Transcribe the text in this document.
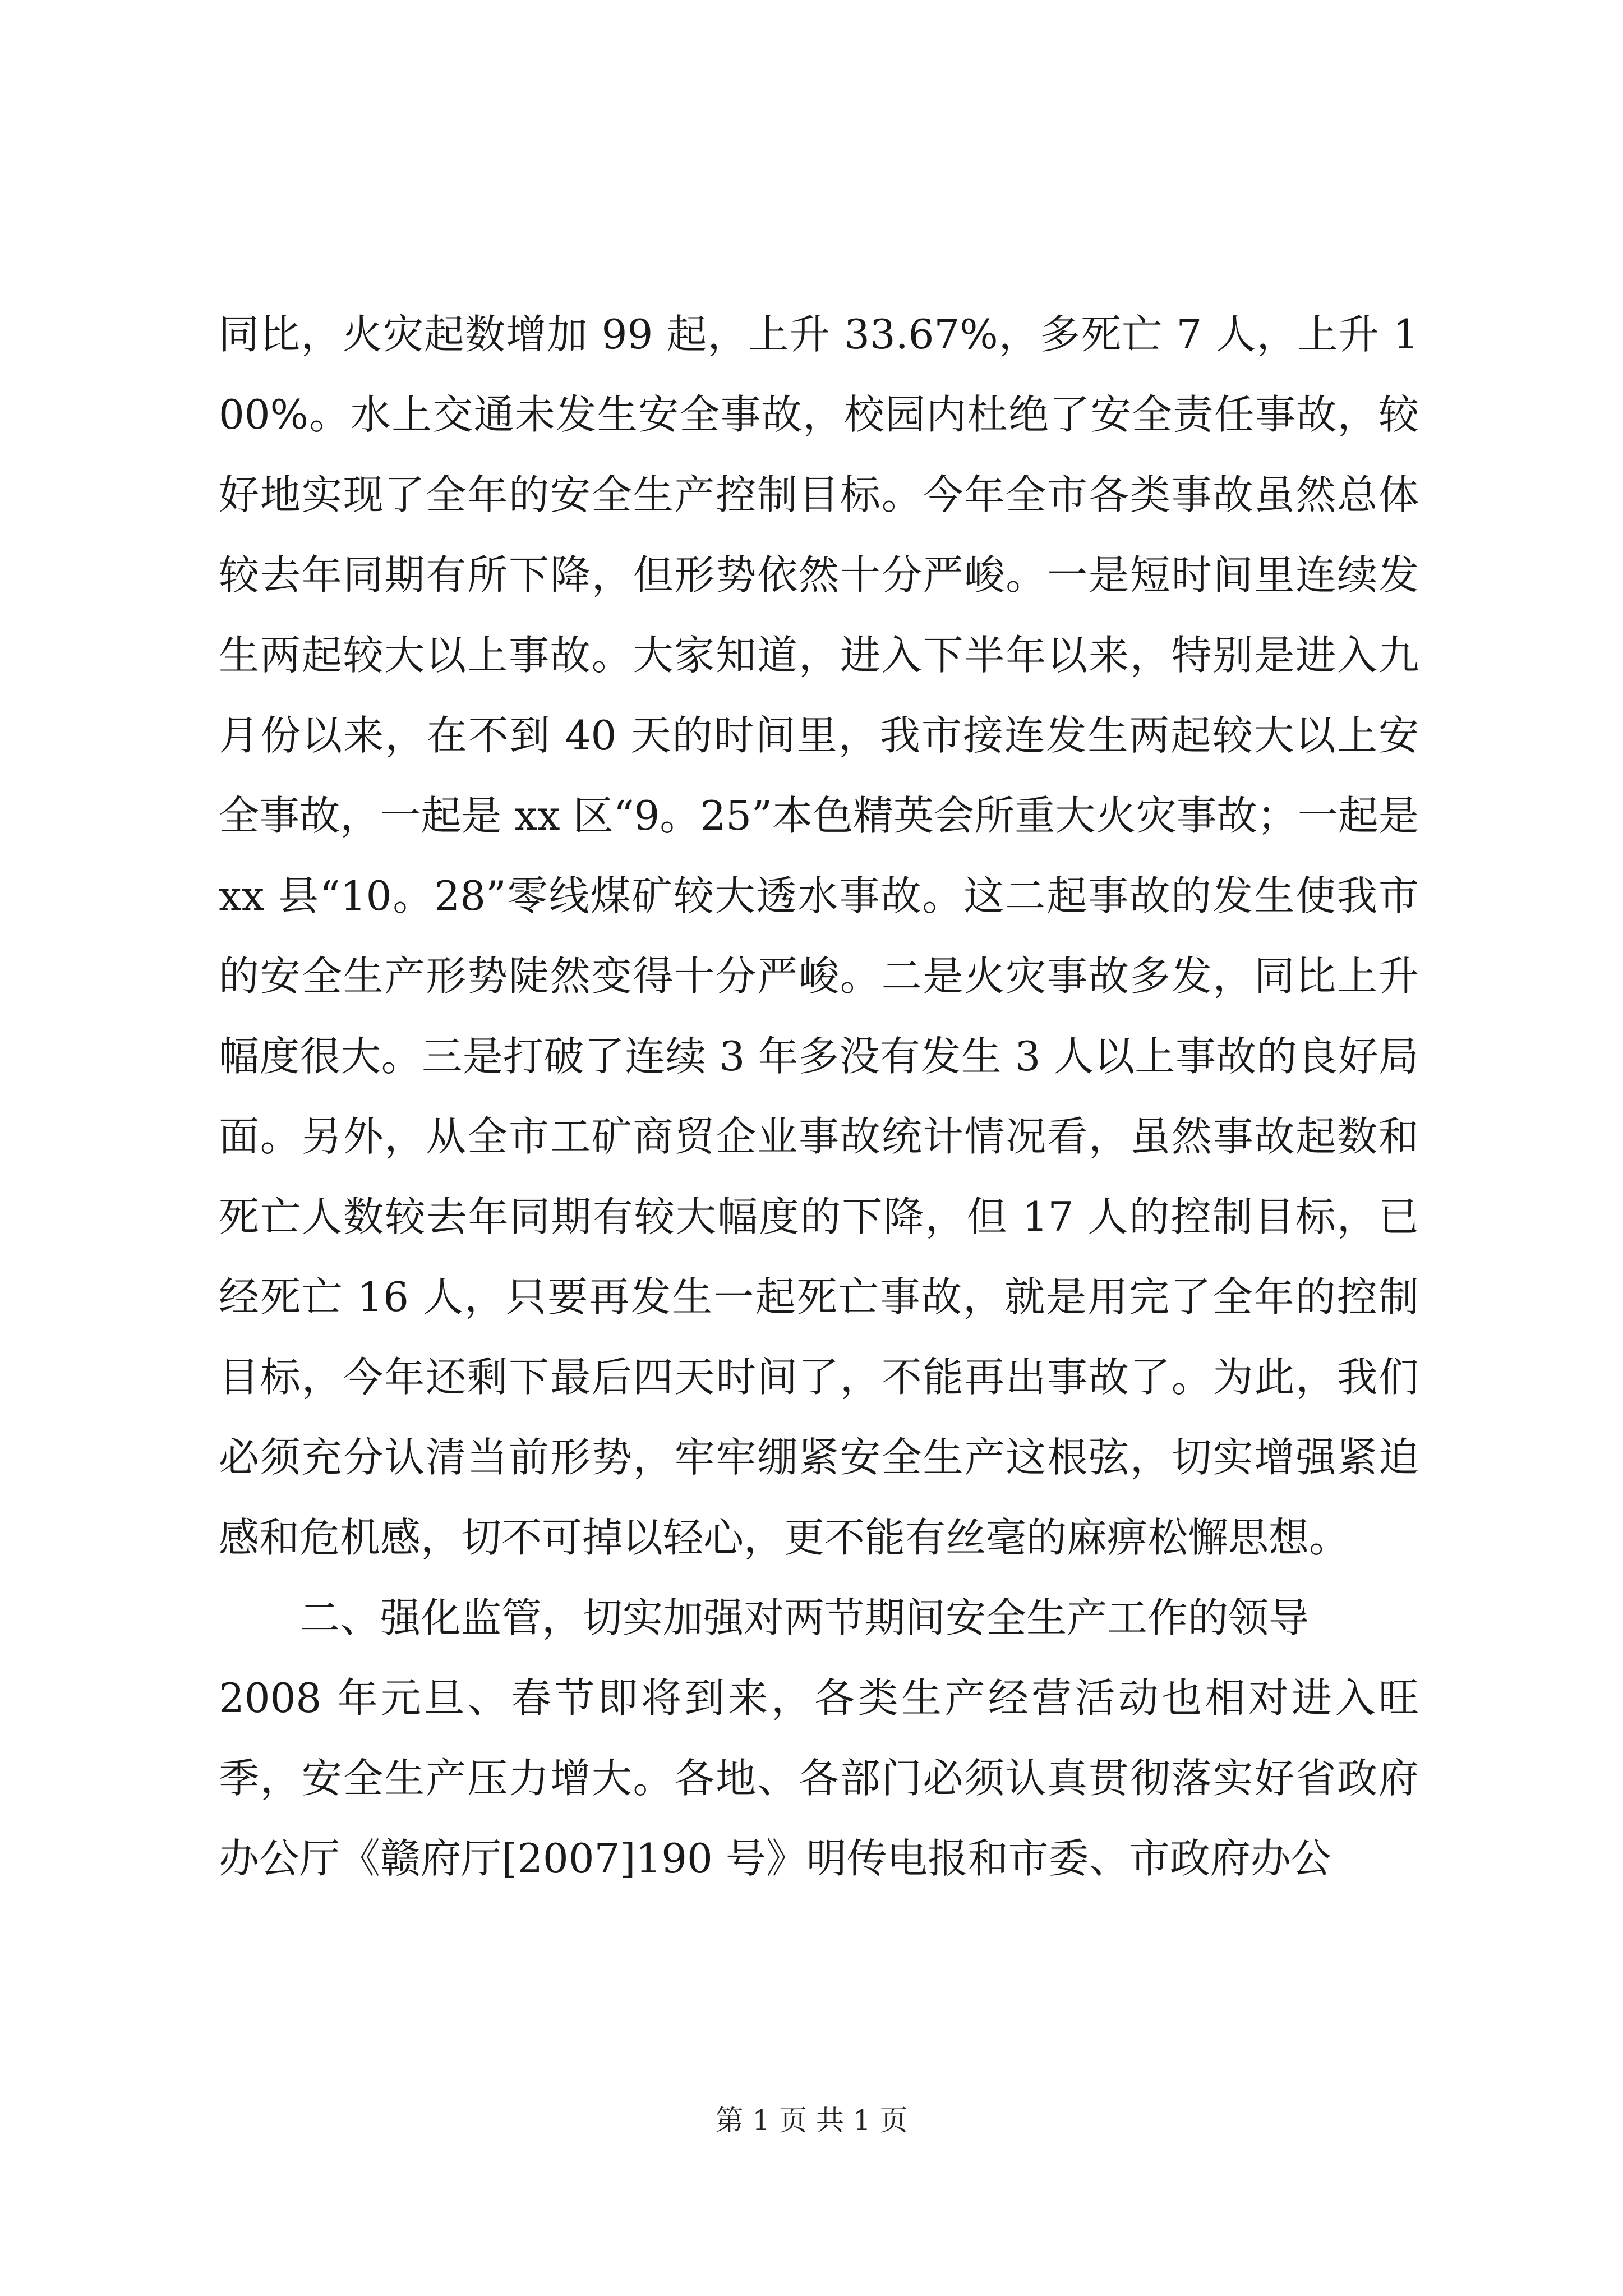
同比，火灾起数增加 99 起，上升 33.67%，多死亡 7 人，上升 100%。水上交通未发生安全事故，校园内杜绝了安全责任事故，较好地实现了全年的安全生产控制目标。今年全市各类事故虽然总体较去年同期有所下降，但形势依然十分严峻。一是短时间里连续发生两起较大以上事故。大家知道，进入下半年以来，特别是进入九月份以来，在不到 40 天的时间里，我市接连发生两起较大以上安全事故，一起是 xx 区“9。25”本色精英会所重大火灾事故；一起是 xx 县“10。28”零线煤矿较大透水事故。这二起事故的发生使我市的安全生产形势陡然变得十分严峻。二是火灾事故多发，同比上升幅度很大。三是打破了连续 3 年多没有发生 3 人以上事故的良好局面。另外，从全市工矿商贸企业事故统计情况看，虽然事故起数和死亡人数较去年同期有较大幅度的下降，但 17 人的控制目标，已经死亡 16 人，只要再发生一起死亡事故，就是用完了全年的控制目标，今年还剩下最后四天时间了，不能再出事故了。为此，我们必须充分认清当前形势，牢牢绷紧安全生产这根弦，切实增强紧迫感和危机感，切不可掉以轻心，更不能有丝毫的麻痹松懈思想。

二、强化监管，切实加强对两节期间安全生产工作的领导

2008 年元旦、春节即将到来，各类生产经营活动也相对进入旺季，安全生产压力增大。各地、各部门必须认真贯彻落实好省政府办公厅《赣府厅[2007]190 号》明传电报和市委、市政府办公

第 1 页 共 1 页
